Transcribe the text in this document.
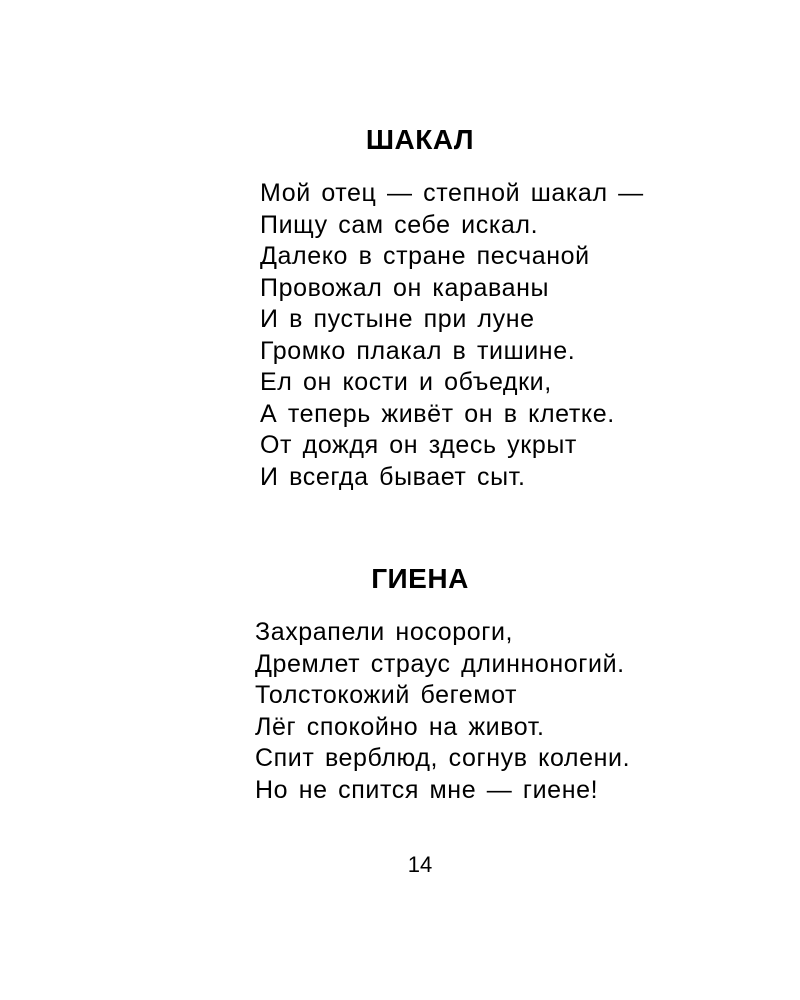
ШАКАЛ
Мой отец — степной шакал —
Пищу сам себе искал.
Далеко в стране песчаной
Провожал он караваны
И в пустыне при луне
Громко плакал в тишине.
Ел он кости и объедки,
А теперь живёт он в клетке.
От дождя он здесь укрыт
И всегда бывает сыт.
ГИЕНА
Захрапели носороги,
Дремлет страус длинноногий.
Толстокожий бегемот
Лёг спокойно на живот.
Спит верблюд, согнув колени.
Но не спится мне — гиене!
14
